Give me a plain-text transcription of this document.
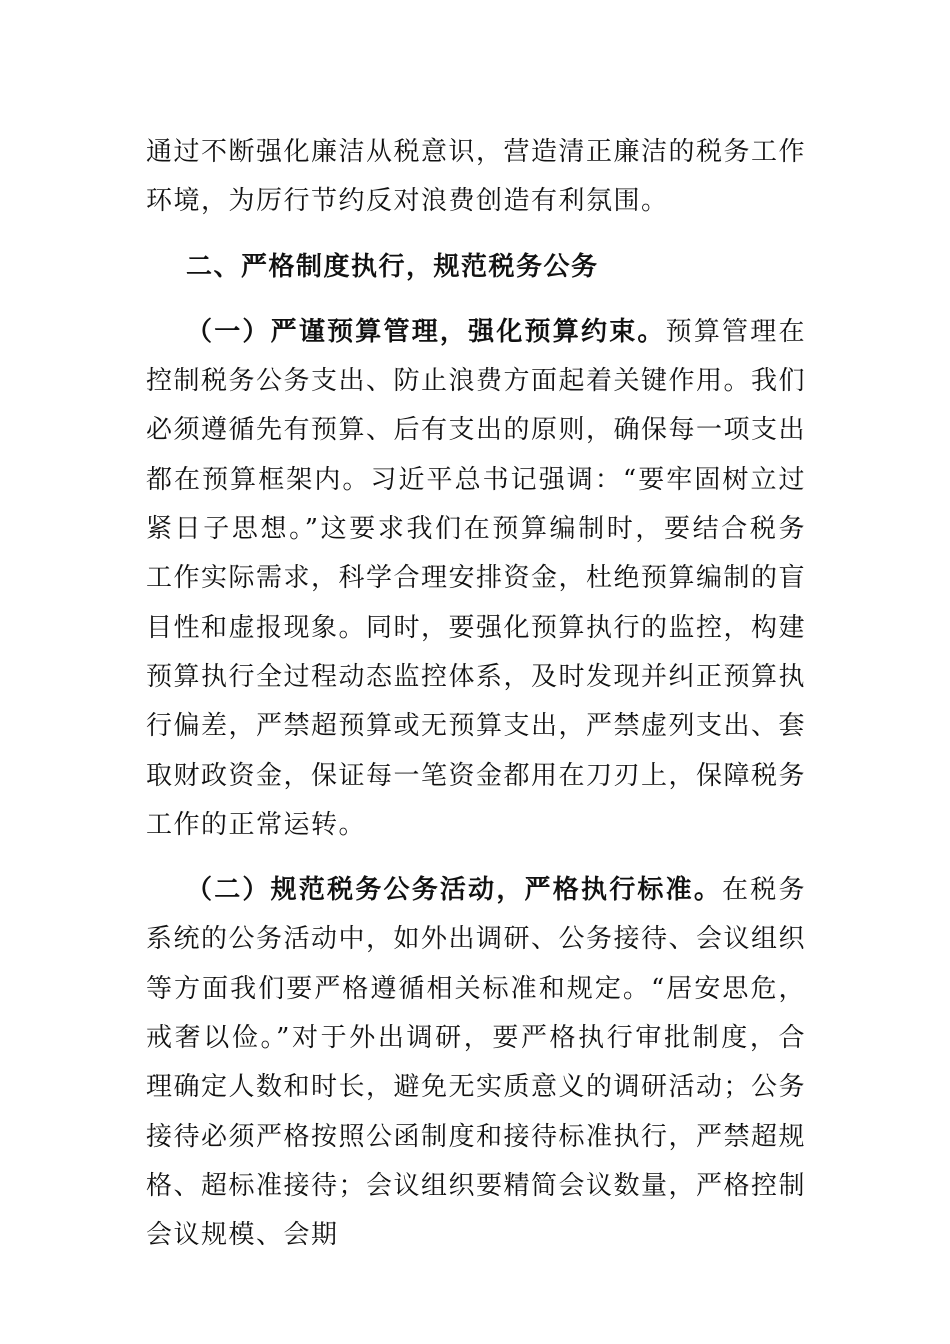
通过不断强化廉洁从税意识，营造清正廉洁的税务工作环境，为厉行节约反对浪费创造有利氛围。

二、严格制度执行，规范税务公务

（一）严谨预算管理，强化预算约束。预算管理在控制税务公务支出、防止浪费方面起着关键作用。我们必须遵循先有预算、后有支出的原则，确保每一项支出都在预算框架内。习近平总书记强调：“要牢固树立过紧日子思想。”这要求我们在预算编制时，要结合税务工作实际需求，科学合理安排资金，杜绝预算编制的盲目性和虚报现象。同时，要强化预算执行的监控，构建预算执行全过程动态监控体系，及时发现并纠正预算执行偏差，严禁超预算或无预算支出，严禁虚列支出、套取财政资金，保证每一笔资金都用在刀刃上，保障税务工作的正常运转。

（二）规范税务公务活动，严格执行标准。在税务系统的公务活动中，如外出调研、公务接待、会议组织等方面我们要严格遵循相关标准和规定。“居安思危，戒奢以俭。”对于外出调研，要严格执行审批制度，合理确定人数和时长，避免无实质意义的调研活动；公务接待必须严格按照公函制度和接待标准执行，严禁超规格、超标准接待；会议组织要精简会议数量，严格控制会议规模、会期
